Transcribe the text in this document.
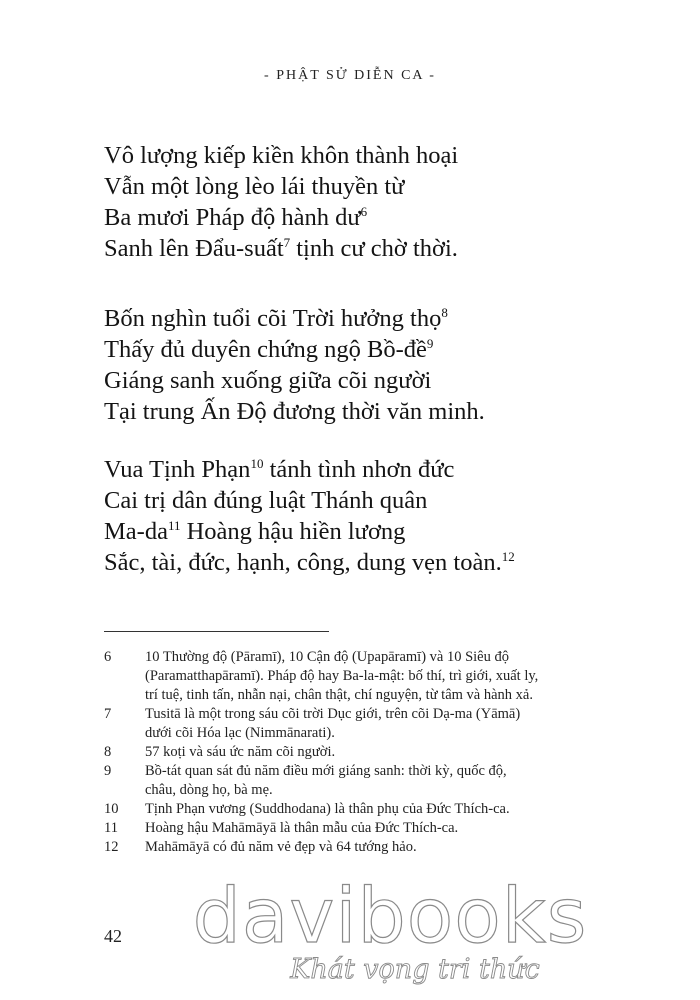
- PHẬT SỬ DIỄN CA -
Vô lượng kiếp kiền khôn thành hoại
Vẫn một lòng lèo lái thuyền từ
Ba mươi Pháp độ hành $dư^6$
Sanh lên Đẩu-suất$^7$ tịnh cư chờ thời.
Bốn nghìn tuổi cõi Trời hưởng thọ$^8$
Thấy đủ duyên chứng ngộ Bồ-đề$^9$
Giáng sanh xuống giữa cõi người
Tại trung Ấn Độ đương thời văn minh.
Vua Tịnh Phạn$^{10}$ tánh tình nhơn đức
Cai trị dân đúng luật Thánh quân
$Ma-da^{11}$ Hoàng hậu hiền lương
Sắc, tài, đức, hạnh, công, dung vẹn toàn.$^{12}$
6	10 Thường độ (Pāramī), 10 Cận độ (Upapāramī) và 10 Siêu độ
(Paramatthapāramī). Pháp độ hay Ba-la-mật: bố thí, trì giới, xuất ly,
trí tuệ, tinh tấn, nhẫn nại, chân thật, chí nguyện, từ tâm và hành xả.
7	Tusitā là một trong sáu cõi trời Dục giới, trên cõi Dạ-ma (Yāmā)
dưới cõi Hóa lạc (Nimmānarati).
8	57 koṭi và sáu ức năm cõi người.
9	Bồ-tát quan sát đủ năm điều mới giáng sanh: thời kỳ, quốc độ,
châu, dòng họ, bà mẹ.
10	Tịnh Phạn vương (Suddhodana) là thân phụ của Đức Thích-ca.
11	Hoàng hậu Mahāmāyā là thân mẫu của Đức Thích-ca.
12	Mahāmāyā có đủ năm vẻ đẹp và 64 tướng hảo.
42 davibooks
Khát vọng tri thức
